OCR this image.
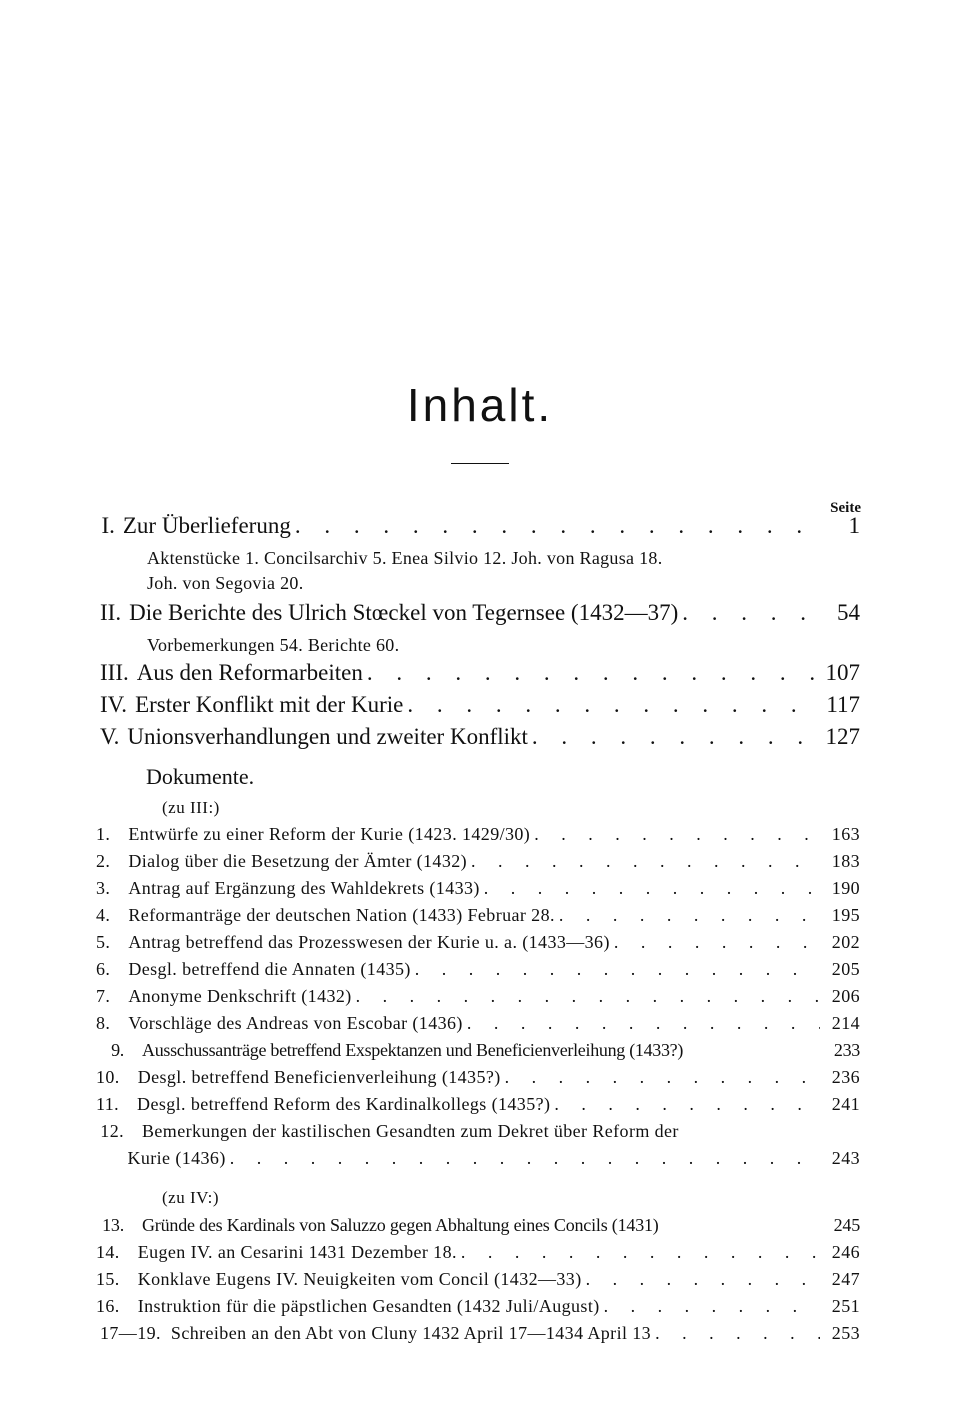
Inhalt.
Seite
I. Zur Überlieferung . . .	1
Aktenstücke 1. Concilsarchiv 5. Enea Silvio 12. Joh. von Ragusa 18.
Joh. von Segovia 20.
II. Die Berichte des Ulrich Stœckel von Tegernsee (1432—37) . . .	54
Vorbemerkungen 54. Berichte 60.
III. Aus den Reformarbeiten . . .	107
IV. Erster Konflikt mit der Kurie . . .	117
V. Unionsverhandlungen und zweiter Konflikt . . .	127
Dokumente.
(zu III:)
1. Entwürfe zu einer Reform der Kurie (1423. 1429/30) . . .	163
2. Dialog über die Besetzung der Ämter (1432) . . .	183
3. Antrag auf Ergänzung des Wahldekrets (1433) . . .	190
4. Reformanträge der deutschen Nation (1433) Februar 28. . . .	195
5. Antrag betreffend das Prozesswesen der Kurie u. a. (1433—36) . . .	202
6. Desgl. betreffend die Annaten (1435) . . .	205
7. Anonyme Denkschrift (1432) . . .	206
8. Vorschläge des Andreas von Escobar (1436) . . .	214
9. Ausschussanträge betreffend Exspektanzen und Beneficienverleihung (1433?)	233
10. Desgl. betreffend Beneficienverleihung (1435?) . . .	236
11. Desgl. betreffend Reform des Kardinalkollegs (1435?) . . .	241
12. Bemerkungen der kastilischen Gesandten zum Dekret über Reform der
Kurie (1436) . . .	243
(zu IV:)
13. Gründe des Kardinals von Saluzzo gegen Abhaltung eines Concils (1431)	245
14. Eugen IV. an Cesarini 1431 Dezember 18. . . .	246
15. Konklave Eugens IV. Neuigkeiten vom Concil (1432—33) . . .	247
16. Instruktion für die päpstlichen Gesandten (1432 Juli/August) . . .	251
17—19. Schreiben an den Abt von Cluny 1432 April 17—1434 April 13 . . .	253
